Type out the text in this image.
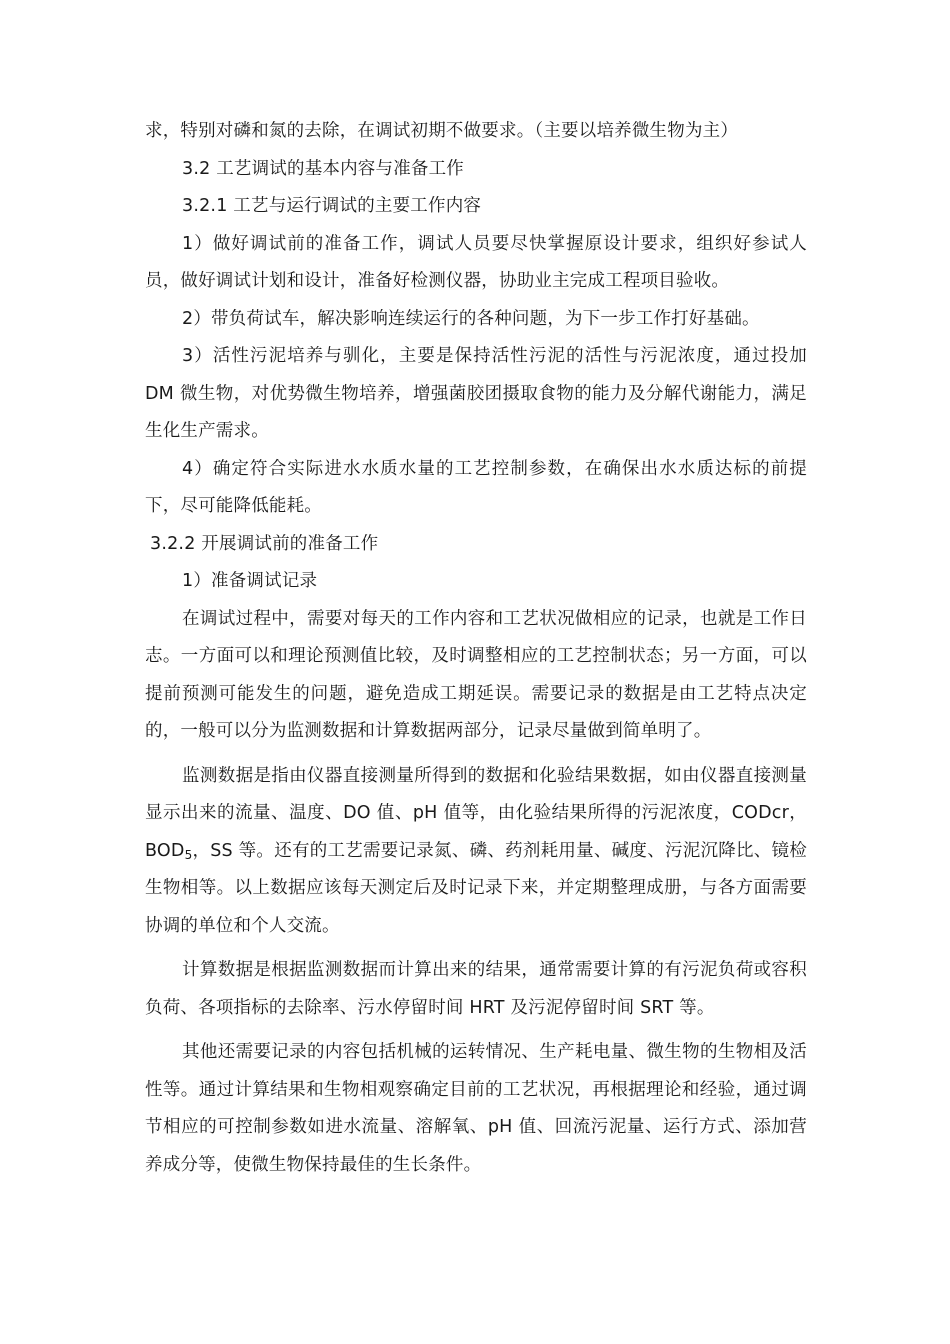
求，特别对磷和氮的去除，在调试初期不做要求。（主要以培养微生物为主）

3.2 工艺调试的基本内容与准备工作

3.2.1 工艺与运行调试的主要工作内容

1）做好调试前的准备工作，调试人员要尽快掌握原设计要求，组织好参试人员，做好调试计划和设计，准备好检测仪器，协助业主完成工程项目验收。

2）带负荷试车，解决影响连续运行的各种问题，为下一步工作打好基础。

3）活性污泥培养与驯化，主要是保持活性污泥的活性与污泥浓度，通过投加 DM 微生物，对优势微生物培养，增强菌胶团摄取食物的能力及分解代谢能力，满足生化生产需求。

4）确定符合实际进水水质水量的工艺控制参数，在确保出水水质达标的前提下，尽可能降低能耗。

3.2.2 开展调试前的准备工作

1）准备调试记录

在调试过程中，需要对每天的工作内容和工艺状况做相应的记录，也就是工作日志。一方面可以和理论预测值比较，及时调整相应的工艺控制状态；另一方面，可以提前预测可能发生的问题，避免造成工期延误。需要记录的数据是由工艺特点决定的，一般可以分为监测数据和计算数据两部分，记录尽量做到简单明了。

监测数据是指由仪器直接测量所得到的数据和化验结果数据，如由仪器直接测量显示出来的流量、温度、DO 值、pH 值等，由化验结果所得的污泥浓度，CODcr，$BOD_5$，SS 等。还有的工艺需要记录氮、磷、药剂耗用量、碱度、污泥沉降比、镜检生物相等。以上数据应该每天测定后及时记录下来，并定期整理成册，与各方面需要协调的单位和个人交流。

计算数据是根据监测数据而计算出来的结果，通常需要计算的有污泥负荷或容积负荷、各项指标的去除率、污水停留时间 HRT 及污泥停留时间 SRT 等。

其他还需要记录的内容包括机械的运转情况、生产耗电量、微生物的生物相及活性等。通过计算结果和生物相观察确定目前的工艺状况，再根据理论和经验，通过调节相应的可控制参数如进水流量、溶解氧、pH 值、回流污泥量、运行方式、添加营养成分等，使微生物保持最佳的生长条件。
